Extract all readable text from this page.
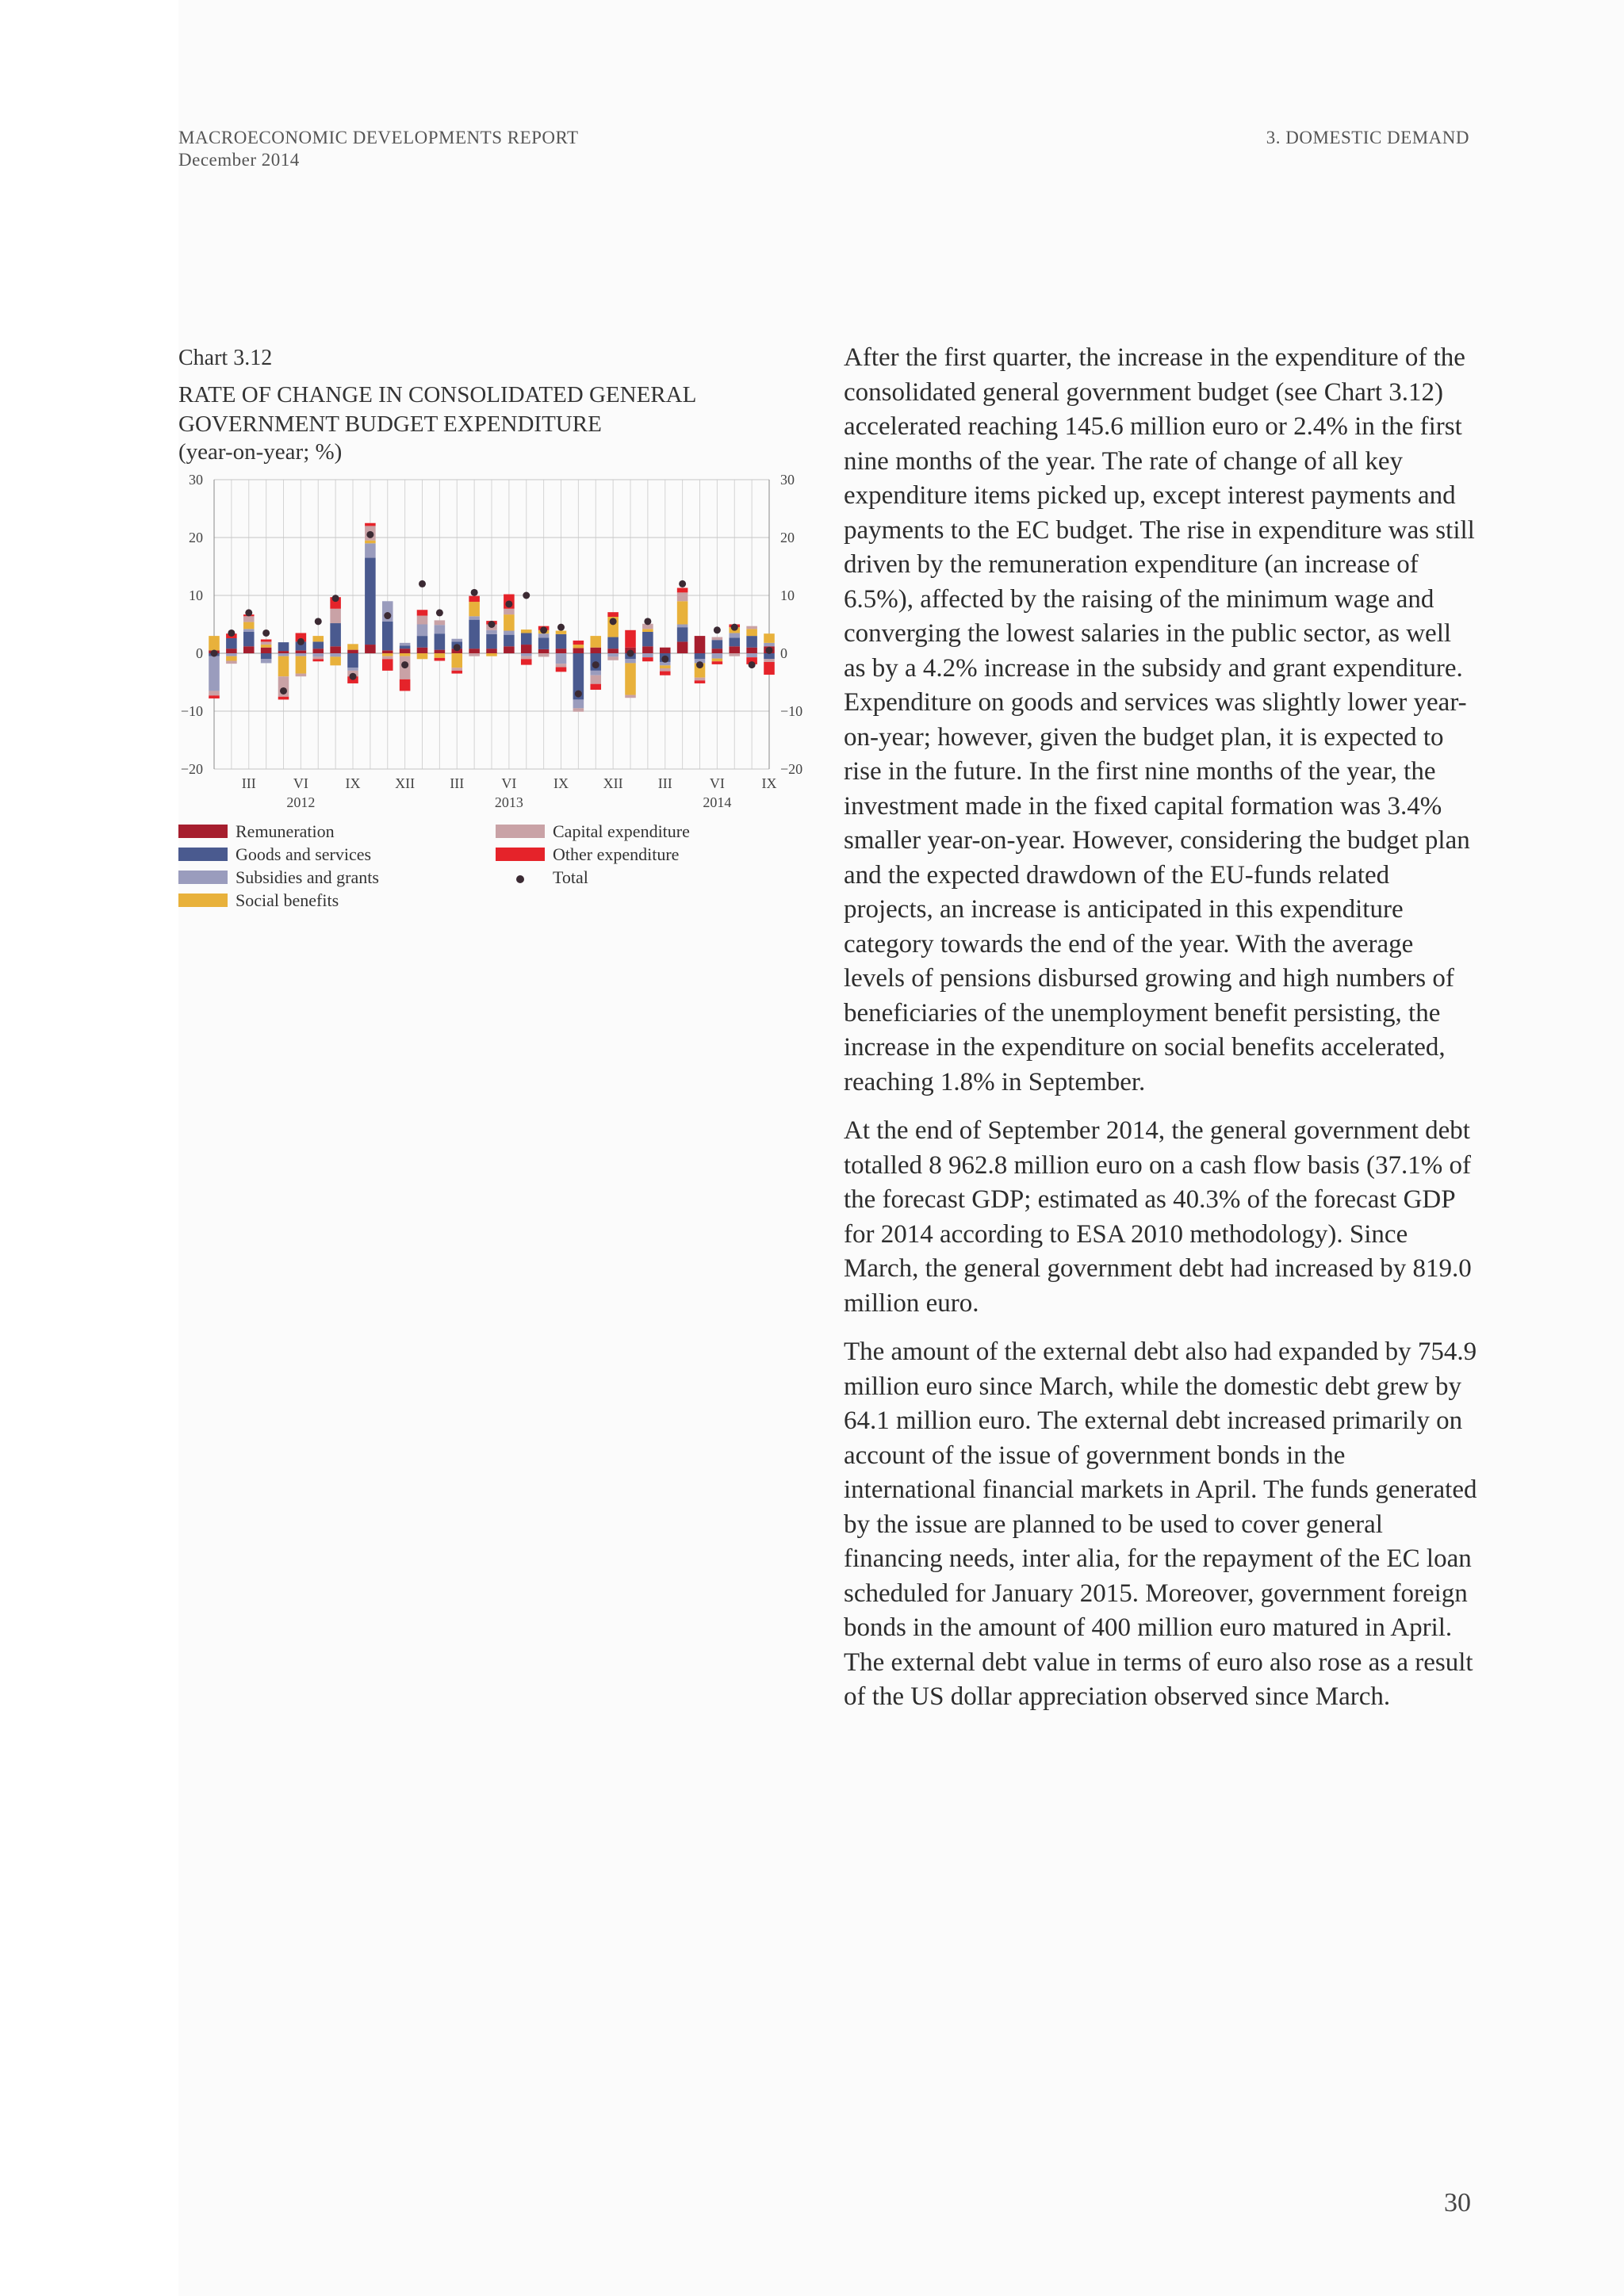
MACROECONOMIC DEVELOPMENTS REPORT
December 2014
3. DOMESTIC DEMAND
Chart 3.12
RATE OF CHANGE IN CONSOLIDATED GENERAL GOVERNMENT BUDGET EXPENDITURE
(year-on-year; %)
−20	−20
−10	−10
0	0
10	10
20	20
30	30
III	VI	IX XII III	VI	IX XII III	VI	IX
2012	2013	2014
Remuneration
Goods and services
Subsidies and grants
Social benefits
Capital expenditure
Other expenditure
Total

After the first quarter, the increase in the expenditure of the consolidated general government budget (see Chart 3.12) accelerated reaching 145.6 million euro or 2.4% in the first nine months of the year. The rate of change of all key expenditure items picked up, except interest payments and payments to the EC budget. The rise in expenditure was still driven by the remuneration expenditure (an increase of 6.5%), affected by the raising of the minimum wage and converging the lowest salaries in the public sector, as well as by a 4.2% increase in the subsidy and grant expenditure. Expenditure on goods and services was slightly lower year-on-year; however, given the budget plan, it is expected to rise in the future. In the first nine months of the year, the investment made in the fixed capital formation was 3.4% smaller year-on-year. However, considering the budget plan and the expected drawdown of the EU-funds related projects, an increase is anticipated in this expenditure category towards the end of the year. With the average levels of pensions disbursed growing and high numbers of beneficiaries of the unemployment benefit persisting, the increase in the expenditure on social benefits accelerated, reaching 1.8% in September.

At the end of September 2014, the general government debt totalled 8 962.8 million euro on a cash flow basis (37.1% of the forecast GDP; estimated as 40.3% of the forecast GDP for 2014 according to ESA 2010 methodology). Since March, the general government debt had increased by 819.0 million euro.

The amount of the external debt also had expanded by 754.9 million euro since March, while the domestic debt grew by 64.1 million euro. The external debt increased primarily on account of the issue of government bonds in the international financial markets in April. The funds generated by the issue are planned to be used to cover general financing needs, inter alia, for the repayment of the EC loan scheduled for January 2015. Moreover, government foreign bonds in the amount of 400 million euro matured in April. The external debt value in terms of euro also rose as a result of the US dollar appreciation observed since March.

30
